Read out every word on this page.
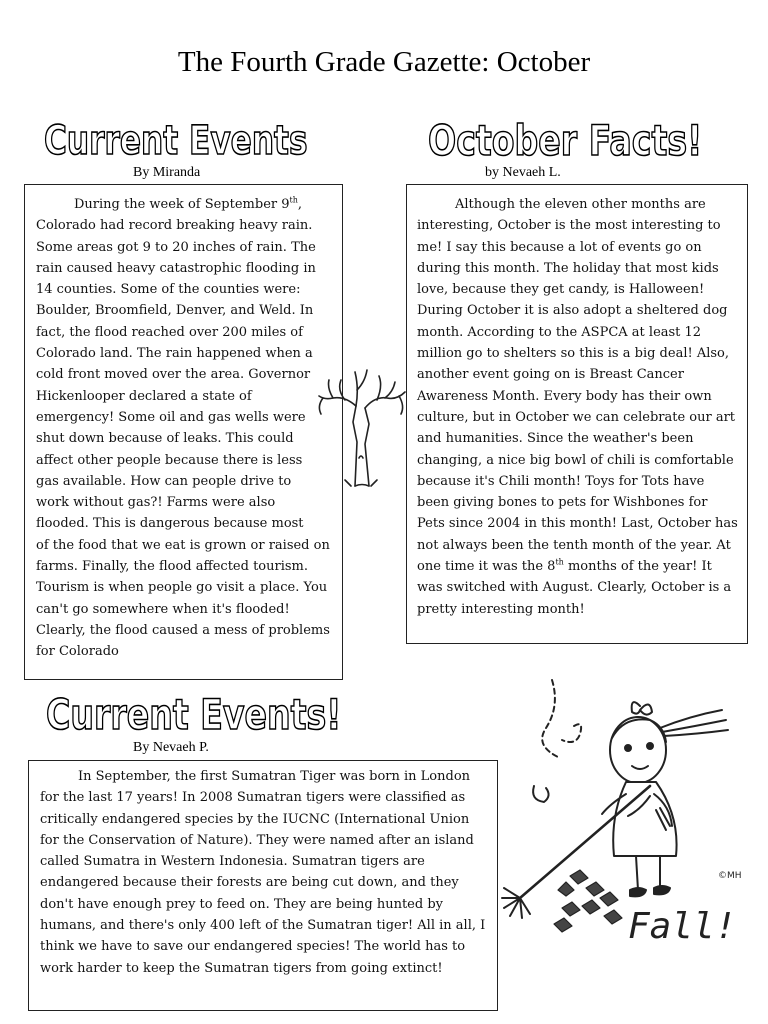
The Fourth Grade Gazette: October
Current Events
By Miranda

During the week of September 9th, Colorado had record breaking heavy rain. Some areas got 9 to 20 inches of rain. The rain caused heavy catastrophic flooding in 14 counties. Some of the counties were: Boulder, Broomfield, Denver, and Weld. In fact, the flood reached over 200 miles of Colorado land. The rain happened when a cold front moved over the area. Governor Hickenlooper declared a state of emergency! Some oil and gas wells were shut down because of leaks. This could affect other people because there is less gas available. How can people drive to work without gas?! Farms were also flooded. This is dangerous because most of the food that we eat is grown or raised on farms. Finally, the flood affected tourism. Tourism is when people go visit a place. You can't go somewhere when it's flooded! Clearly, the flood caused a mess of problems for Colorado

October Facts!
by Nevaeh L.

Although the eleven other months are interesting, October is the most interesting to me! I say this because a lot of events go on during this month. The holiday that most kids love, because they get candy, is Halloween! During October it is also adopt a sheltered dog month. According to the ASPCA at least 12 million go to shelters so this is a big deal! Also, another event going on is Breast Cancer Awareness Month. Every body has their own culture, but in October we can celebrate our art and humanities. Since the weather's been changing, a nice big bowl of chili is comfortable because it's Chili month! Toys for Tots have been giving bones to pets for Wishbones for Pets since 2004 in this month! Last, October has not always been the tenth month of the year. At one time it was the 8th months of the year! It was switched with August. Clearly, October is a pretty interesting month!

Current Events!
By Nevaeh P.

In September, the first Sumatran Tiger was born in London for the last 17 years! In 2008 Sumatran tigers were classified as critically endangered species by the IUCNC (International Union for the Conservation of Nature). They were named after an island called Sumatra in Western Indonesia. Sumatran tigers are endangered because their forests are being cut down, and they don't have enough prey to feed on. They are being hunted by humans, and there's only 400 left of the Sumatran tiger! All in all, I think we have to save our endangered species! The world has to work harder to keep the Sumatran tigers from going extinct!

©MH
Fall!
